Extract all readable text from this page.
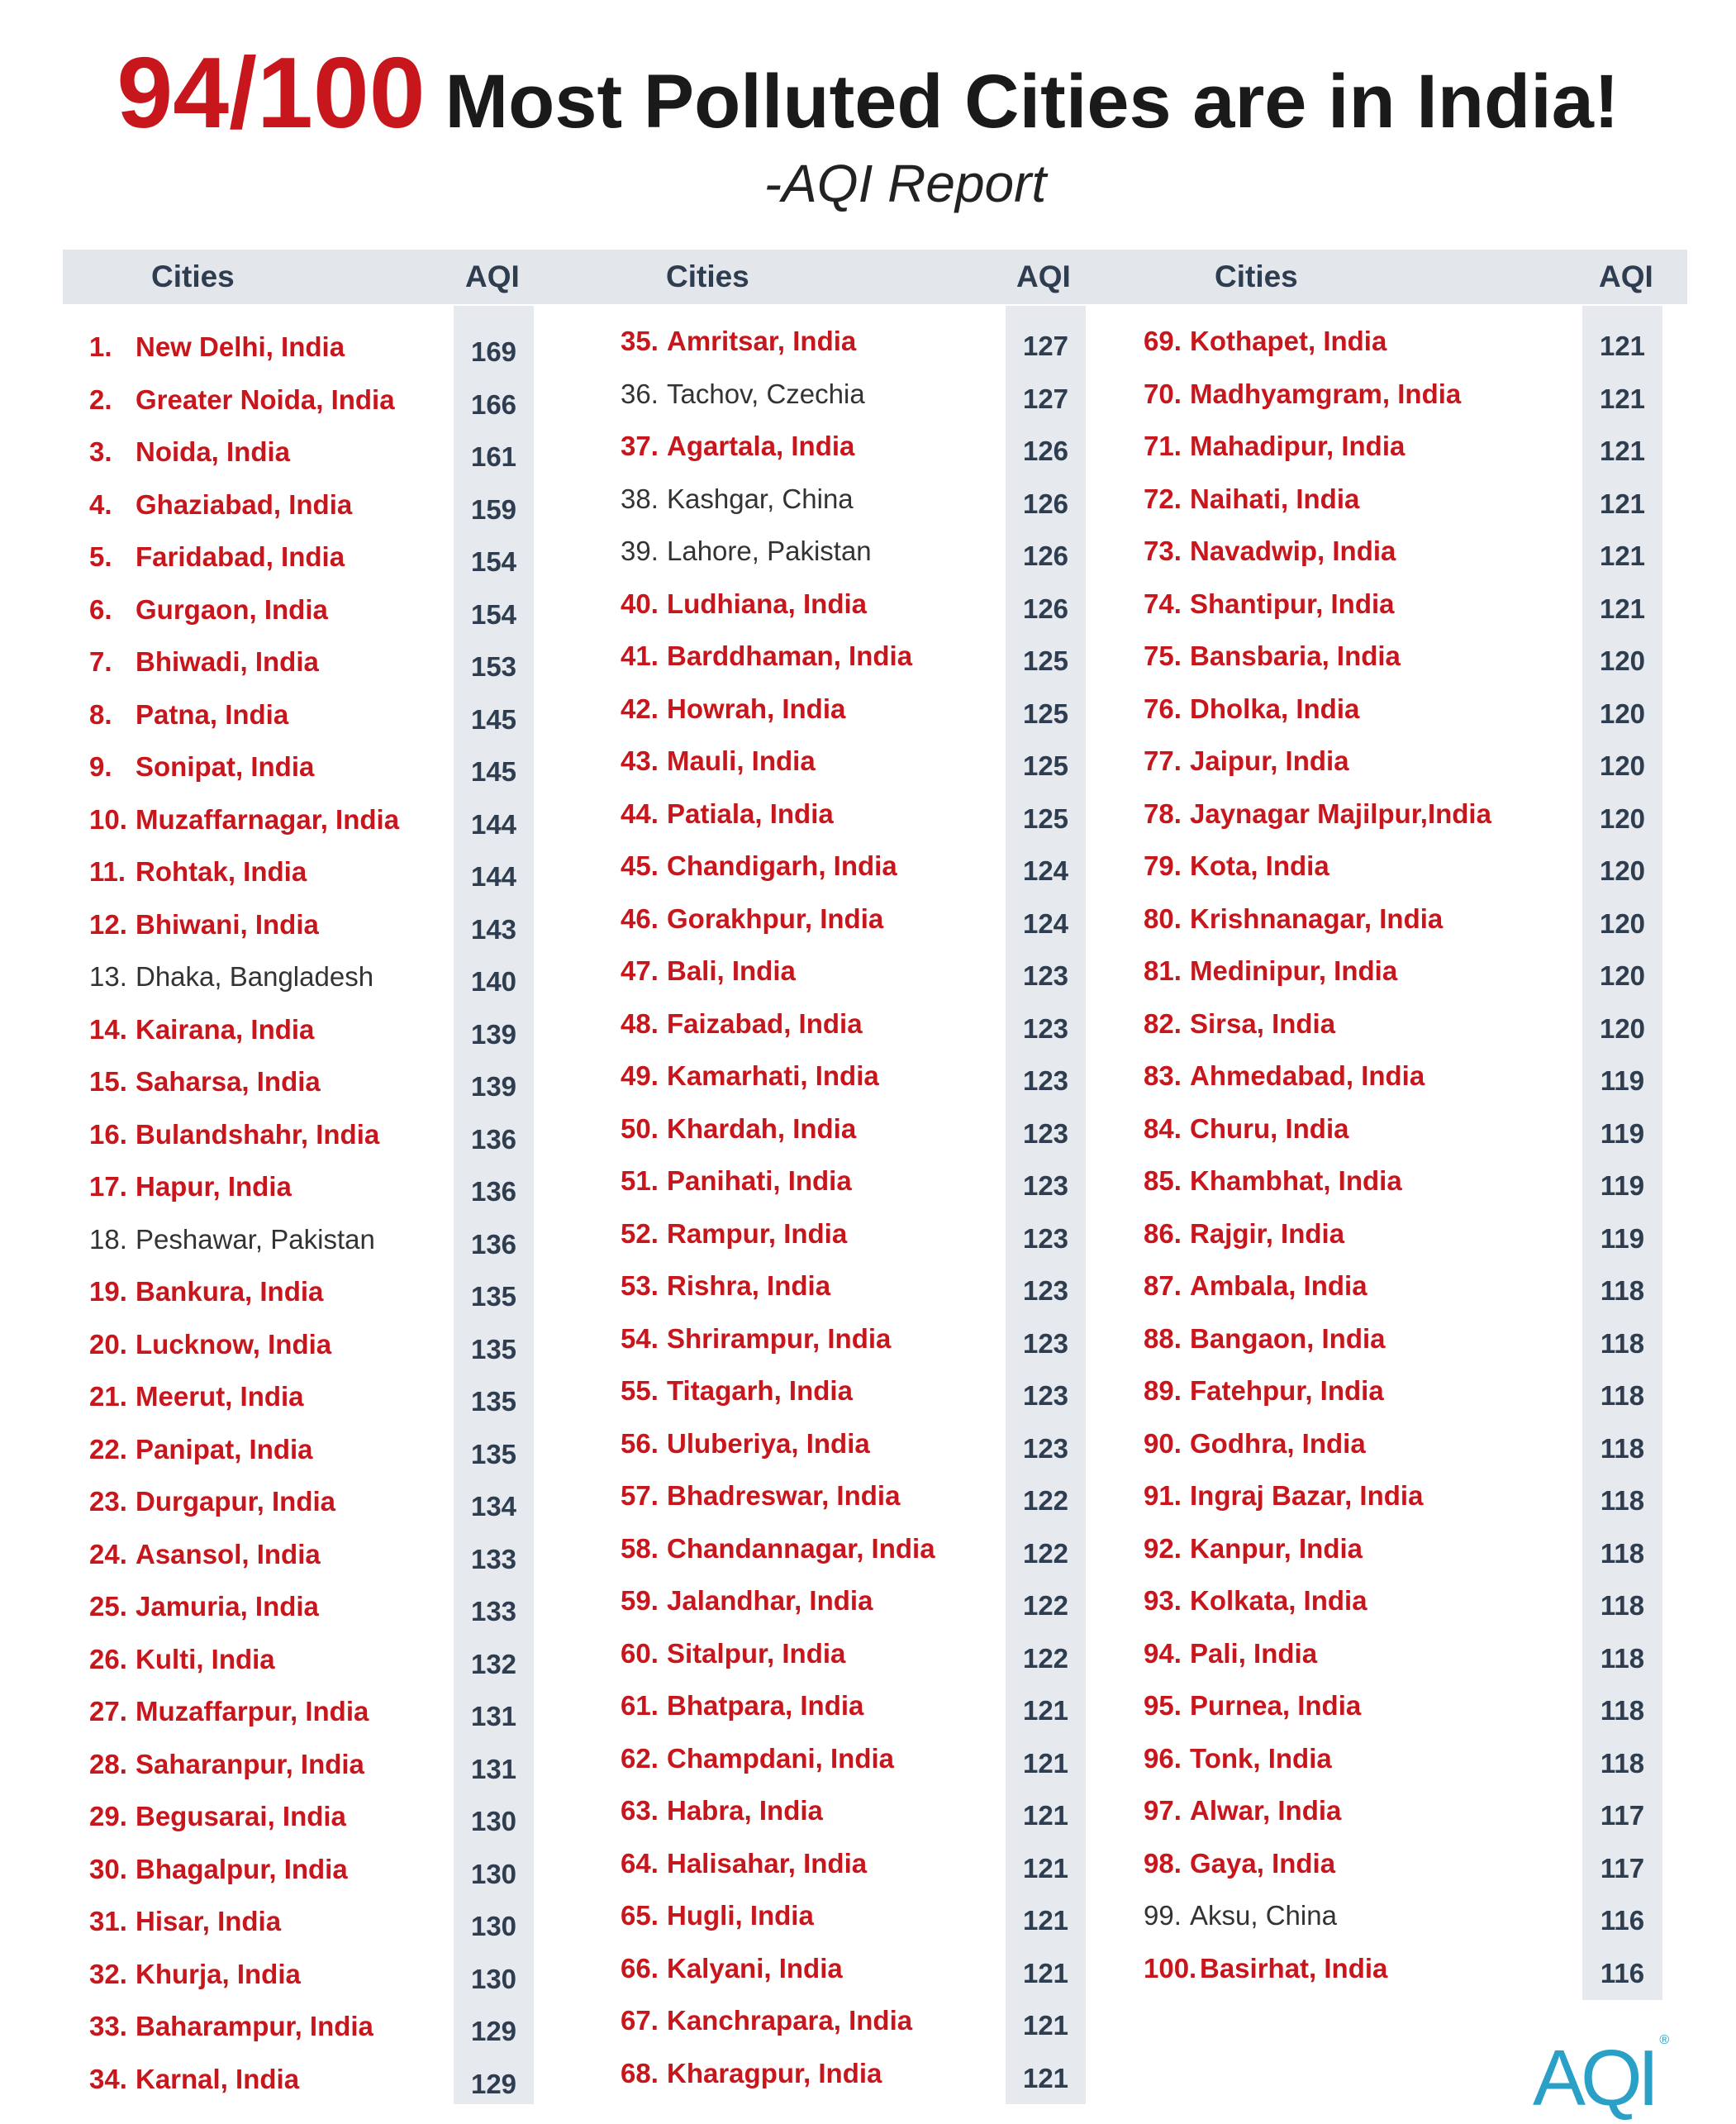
94/100 Most Polluted Cities are in India!
-AQI Report
Cities	AQI	Cities	AQI	Cities	AQI
1. New Delhi, India	169
2. Greater Noida, India	166
3. Noida, India	161
4. Ghaziabad, India	159
5. Faridabad, India	154
6. Gurgaon, India	154
7. Bhiwadi, India	153
8. Patna, India	145
9. Sonipat, India	145
10. Muzaffarnagar, India	144
11. Rohtak, India	144
12. Bhiwani, India	143
13. Dhaka, Bangladesh	140
14. Kairana, India	139
15. Saharsa, India	139
16. Bulandshahr, India	136
17. Hapur, India	136
18. Peshawar, Pakistan	136
19. Bankura, India	135
20. Lucknow, India	135
21. Meerut, India	135
22. Panipat, India	135
23. Durgapur, India	134
24. Asansol, India	133
25. Jamuria, India	133
26. Kulti, India	132
27. Muzaffarpur, India	131
28. Saharanpur, India	131
29. Begusarai, India	130
30. Bhagalpur, India	130
31. Hisar, India	130
32. Khurja, India	130
33. Baharampur, India	129
34. Karnal, India	129
35. Amritsar, India	127
36. Tachov, Czechia	127
37. Agartala, India	126
38. Kashgar, China	126
39. Lahore, Pakistan	126
40. Ludhiana, India	126
41. Barddhaman, India	125
42. Howrah, India	125
43. Mauli, India	125
44. Patiala, India	125
45. Chandigarh, India	124
46. Gorakhpur, India	124
47. Bali, India	123
48. Faizabad, India	123
49. Kamarhati, India	123
50. Khardah, India	123
51. Panihati, India	123
52. Rampur, India	123
53. Rishra, India	123
54. Shrirampur, India	123
55. Titagarh, India	123
56. Uluberiya, India	123
57. Bhadreswar, India	122
58. Chandannagar, India	122
59. Jalandhar, India	122
60. Sitalpur, India	122
61. Bhatpara, India	121
62. Champdani, India	121
63. Habra, India	121
64. Halisahar, India	121
65. Hugli, India	121
66. Kalyani, India	121
67. Kanchrapara, India	121
68. Kharagpur, India	121
69. Kothapet, India	121
70. Madhyamgram, India	121
71. Mahadipur, India	121
72. Naihati, India	121
73. Navadwip, India	121
74. Shantipur, India	121
75. Bansbaria, India	120
76. Dholka, India	120
77. Jaipur, India	120
78. Jaynagar Majilpur,India	120
79. Kota, India	120
80. Krishnanagar, India	120
81. Medinipur, India	120
82. Sirsa, India	120
83. Ahmedabad, India	119
84. Churu, India	119
85. Khambhat, India	119
86. Rajgir, India	119
87. Ambala, India	118
88. Bangaon, India	118
89. Fatehpur, India	118
90. Godhra, India	118
91. Ingraj Bazar, India	118
92. Kanpur, India	118
93. Kolkata, India	118
94. Pali, India	118
95. Purnea, India	118
96. Tonk, India	118
97. Alwar, India	117
98. Gaya, India	117
99. Aksu, China	116
100. Basirhat, India	116
AQI ®
